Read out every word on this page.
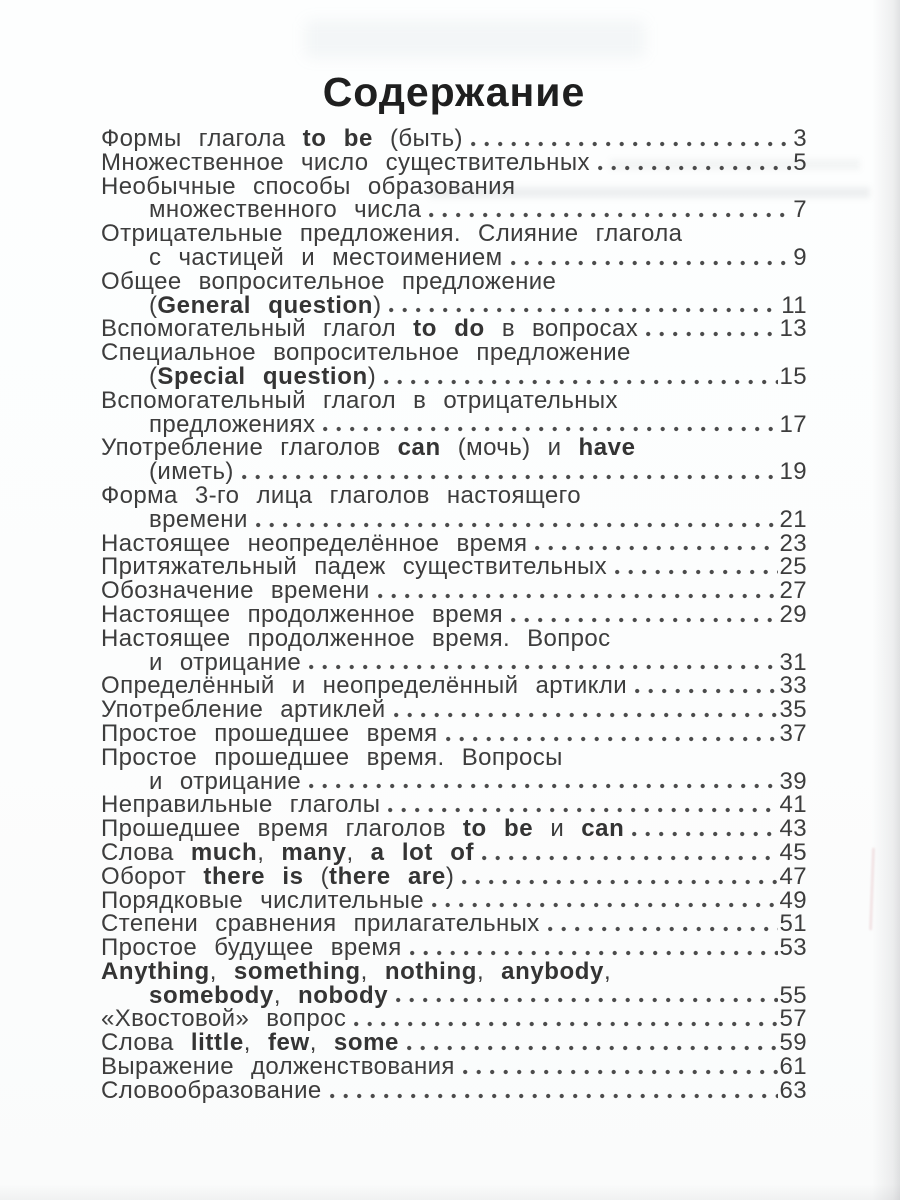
Содержание
Формы глагола to be (быть)	3
Множественное число существительных	5
Необычные способы образования
множественного числа	7
Отрицательные предложения. Слияние глагола
с частицей и местоимением	9
Общее вопросительное предложение
(General question)	11
Вспомогательный глагол to do в вопросах	13
Специальное вопросительное предложение
(Special question)	15
Вспомогательный глагол в отрицательных
предложениях	17
Употребление глаголов can (мочь) и have
(иметь)	19
Форма 3-го лица глаголов настоящего
времени	21
Настоящее неопределённое время	23
Притяжательный падеж существительных	25
Обозначение времени	27
Настоящее продолженное время	29
Настоящее продолженное время. Вопрос
и отрицание	31
Определённый и неопределённый артикли	33
Употребление артиклей	35
Простое прошедшее время	37
Простое прошедшее время. Вопросы
и отрицание	39
Неправильные глаголы	41
Прошедшее время глаголов to be и can	43
Слова much, many, a lot of	45
Оборот there is (there are)	47
Порядковые числительные	49
Степени сравнения прилагательных	51
Простое будущее время	53
Anything, something, nothing, anybody,
somebody, nobody	55
«Хвостовой» вопрос	57
Слова little, few, some	59
Выражение долженствования	61
Словообразование	63
